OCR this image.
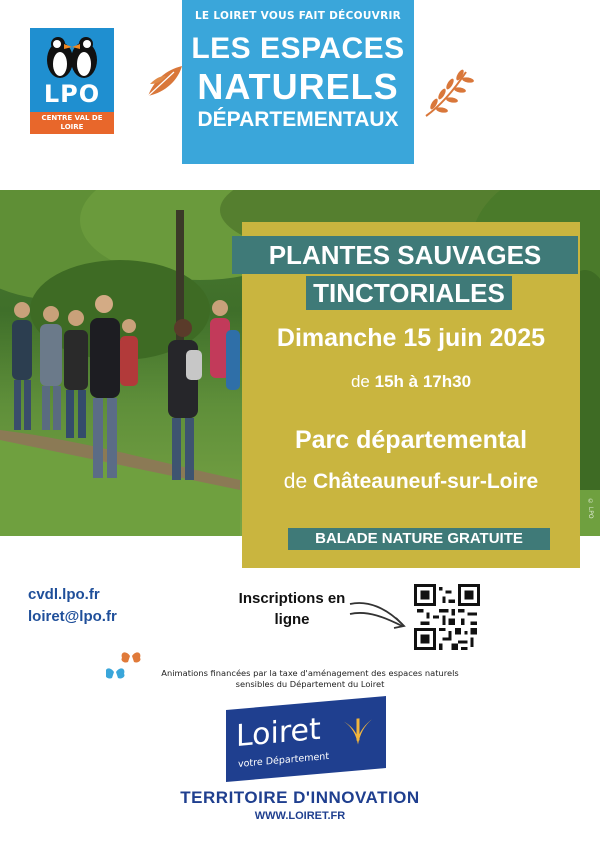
LPO
CENTRE VAL DE LOIRE
LE LOIRET VOUS FAIT DÉCOUVRIR
LES ESPACES
NATURELS
DÉPARTEMENTAUX
© LPO
PLANTES SAUVAGES
TINCTORIALES
Dimanche 15 juin 2025
de 15h à 17h30
Parc départemental
de Châteauneuf-sur-Loire
BALADE NATURE GRATUITE
cvdl.lpo.fr
loiret@lpo.fr
Inscriptions en ligne
Animations financées par la taxe d'aménagement des espaces naturels
sensibles du Département du Loiret
Loiret
votre Département
TERRITOIRE D'INNOVATION
WWW.LOIRET.FR
